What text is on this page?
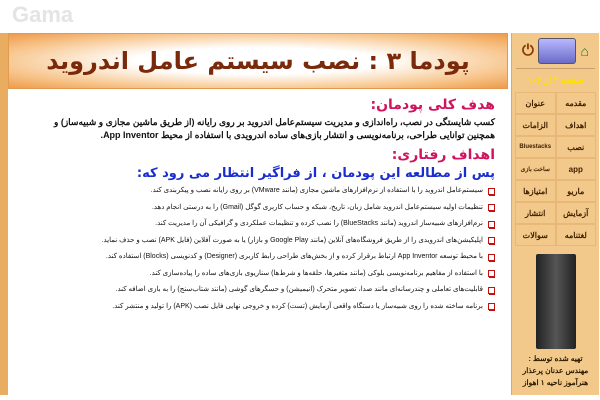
پودما ۳ : نصب سیستم عامل اندروید
هدف کلی پودمان:
کسب شایستگی در نصب، راه‌اندازی و مدیریت سیستم‌عامل اندروید بر روی رایانه (از طریق ماشین مجازی و شبیه‌ساز) و
همچنین توانایی طراحی، برنامه‌نویسی و انتشار بازی‌های ساده اندرویدی با استفاده از محیط App Inventor.
اهداف رفتاری:
پس از مطالعه این پودمان ، از فراگیر انتظار می رود که:
سیستم‌عامل اندروید را با استفاده از نرم‌افزارهای ماشین مجازی (مانند VMware) بر روی رایانه نصب و پیکربندی کند.
تنظیمات اولیه سیستم‌عامل اندروید شامل زبان، تاریخ، شبکه و حساب کاربری گوگل (Gmail) را به درستی انجام دهد.
نرم‌افزارهای شبیه‌ساز اندروید (مانند BlueStacks) را نصب کرده و تنظیمات عملکردی و گرافیکی آن را مدیریت کند.
اپلیکیشن‌های اندرویدی را از طریق فروشگاه‌های آنلاین (مانند Google Play و بازار) یا به صورت آفلاین (فایل APK) نصب و حذف نماید.
با محیط توسعه App Inventor ارتباط برقرار کرده و از بخش‌های طراحی رابط کاربری (Designer) و کدنویسی (Blocks) استفاده کند.
با استفاده از مفاهیم برنامه‌نویسی بلوکی (مانند متغیرها، حلقه‌ها و شرط‌ها) سناریوی بازی‌های ساده را پیاده‌سازی کند.
قابلیت‌های تعاملی و چندرسانه‌ای مانند صدا، تصویر متحرک (انیمیشن) و حسگرهای گوشی (مانند شتاب‌سنج) را به بازی اضافه کند.
برنامه ساخته شده را روی شبیه‌ساز یا دستگاه واقعی آزمایش (تست) کرده و خروجی نهایی فایل نصب (APK) را تولید و منتشر کند.
⏻	⌂
صفحه ۲ از ۱۰۶
مقدمه
عنوان
اهداف
الزامات
نصب
Bluestacks
app
ساخت بازی
ماریو
امتیازها
آزمایش
انتشار
لغتنامه
سوالات
تهیه شده توسط :
مهندس عدنان پرعذار
هنرآموز ناحیه ۱ اهواز
Gama
